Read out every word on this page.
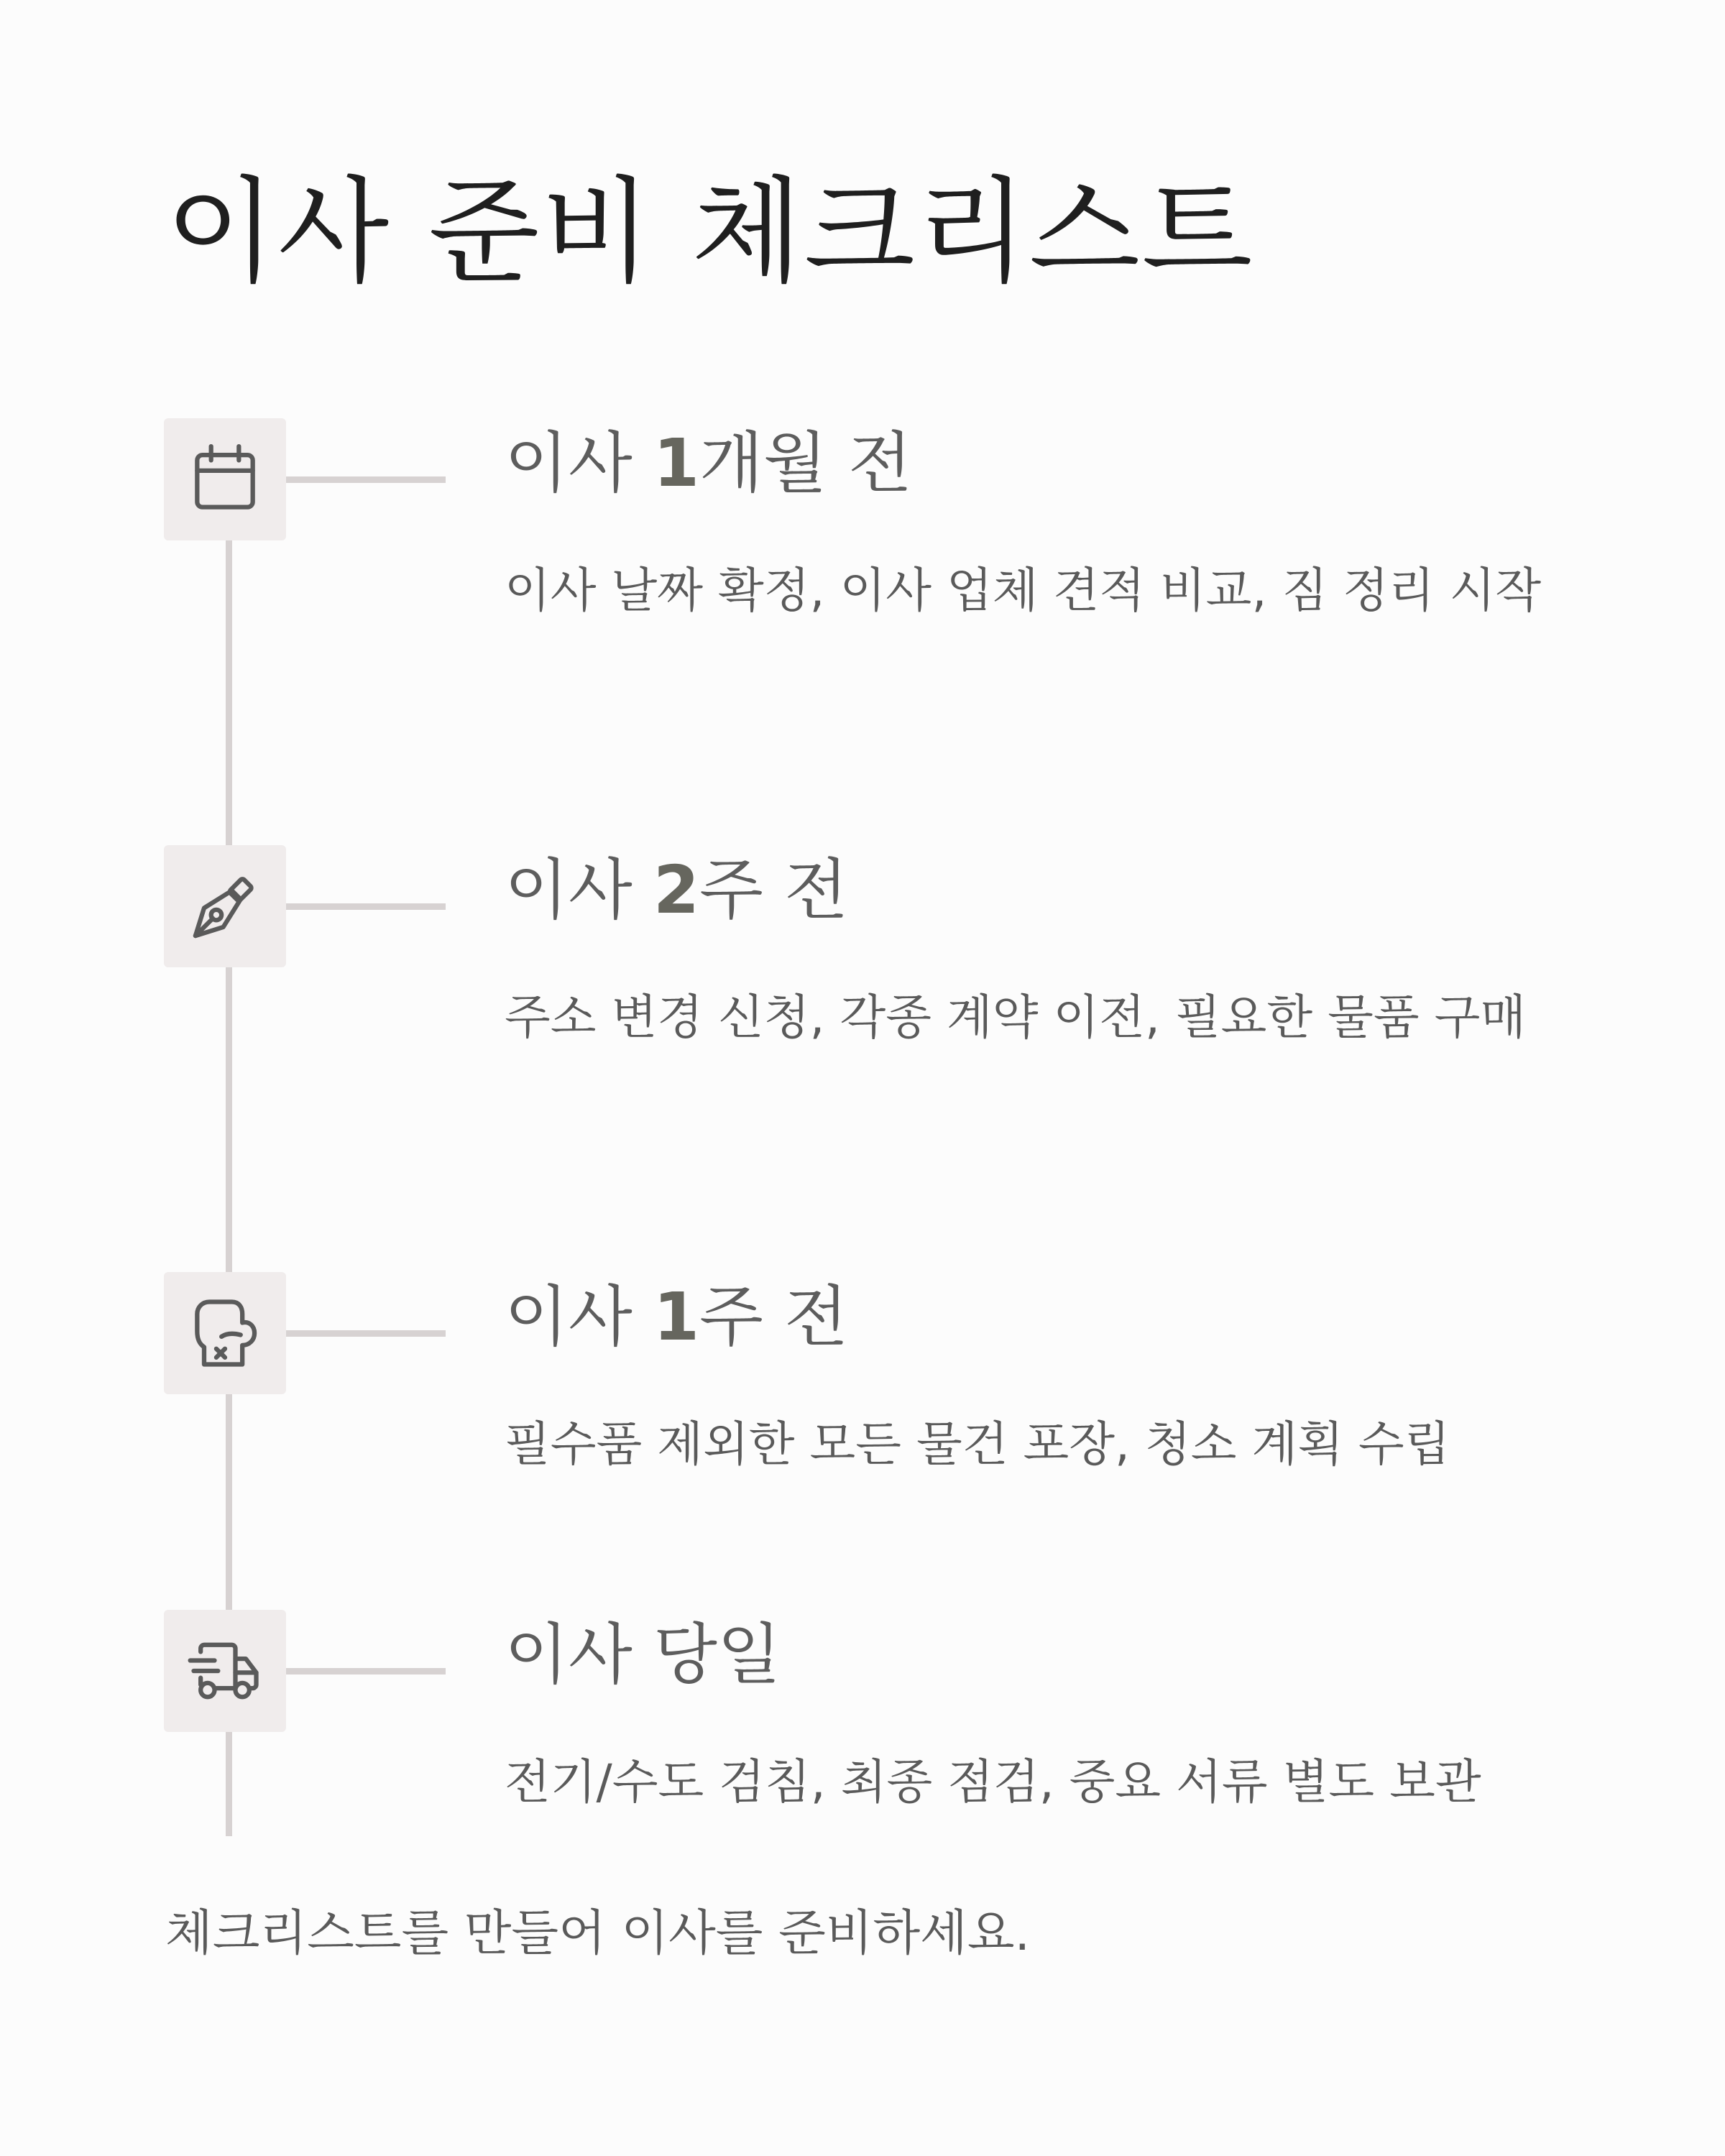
이사 준비 체크리스트
이사 1개월 전

이사 날짜 확정, 이사 업체 견적 비교, 짐 정리 시작

이사 2주 전

주소 변경 신청, 각종 계약 이전, 필요한 물품 구매

이사 1주 전

필수품 제외한 모든 물건 포장, 청소 계획 수립

이사 당일

전기/수도 검침, 최종 점검, 중요 서류 별도 보관

체크리스트를 만들어 이사를 준비하세요.
